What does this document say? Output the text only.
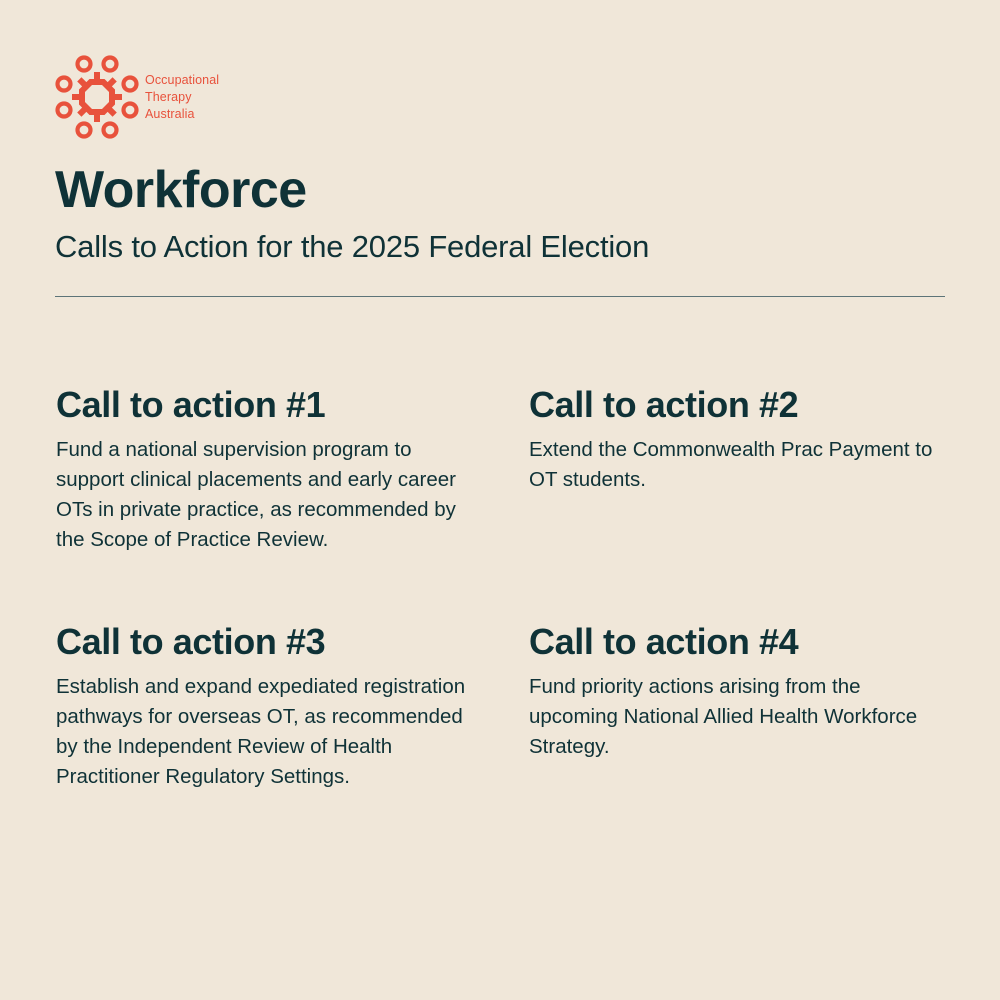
Occupational
Therapy
Australia
Workforce

Calls to Action for the 2025 Federal Election

Call to action #1

Fund a national supervision program to support clinical placements and early career OTs in private practice, as recommended by the Scope of Practice Review.

Call to action #2

Extend the Commonwealth Prac Payment to OT students.

Call to action #3

Establish and expand expediated registration pathways for overseas OT, as recommended by the Independent Review of Health Practitioner Regulatory Settings.

Call to action #4

Fund priority actions arising from the upcoming National Allied Health Workforce Strategy.
